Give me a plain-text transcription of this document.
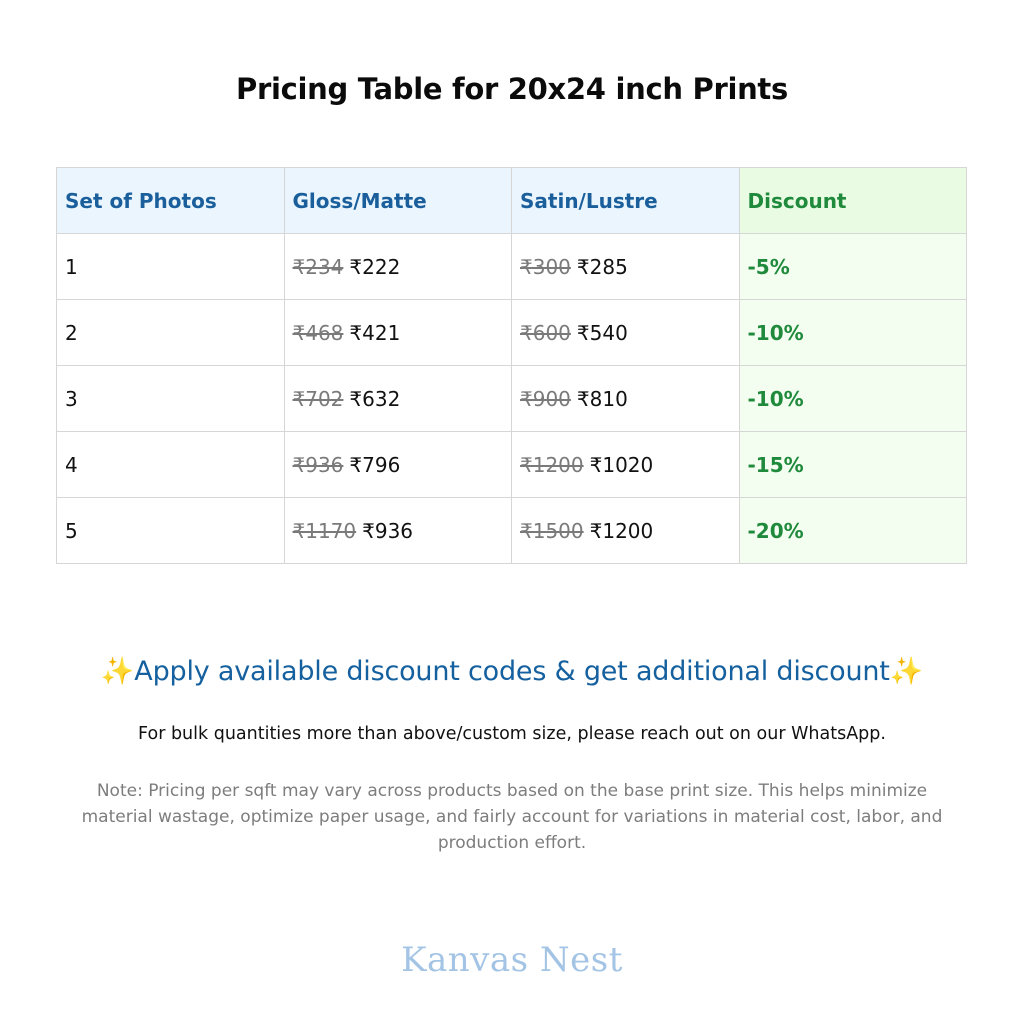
Pricing Table for 20x24 inch Prints
Set of Photos	Gloss/Matte	Satin/Lustre	Discount
1	₹234 ₹222	₹300 ₹285	-5%
2	₹468 ₹421	₹600 ₹540	-10%
3	₹702 ₹632	₹900 ₹810	-10%
4	₹936 ₹796	₹1200 ₹1020	-15%
5	₹1170 ₹936	₹1500 ₹1200	-20%
✨Apply available discount codes & get additional discount✨
For bulk quantities more than above/custom size, please reach out on our WhatsApp.
Note: Pricing per sqft may vary across products based on the base print size. This helps minimize material wastage, optimize paper usage, and fairly account for variations in material cost, labor, and production effort.
Kanvas Nest
